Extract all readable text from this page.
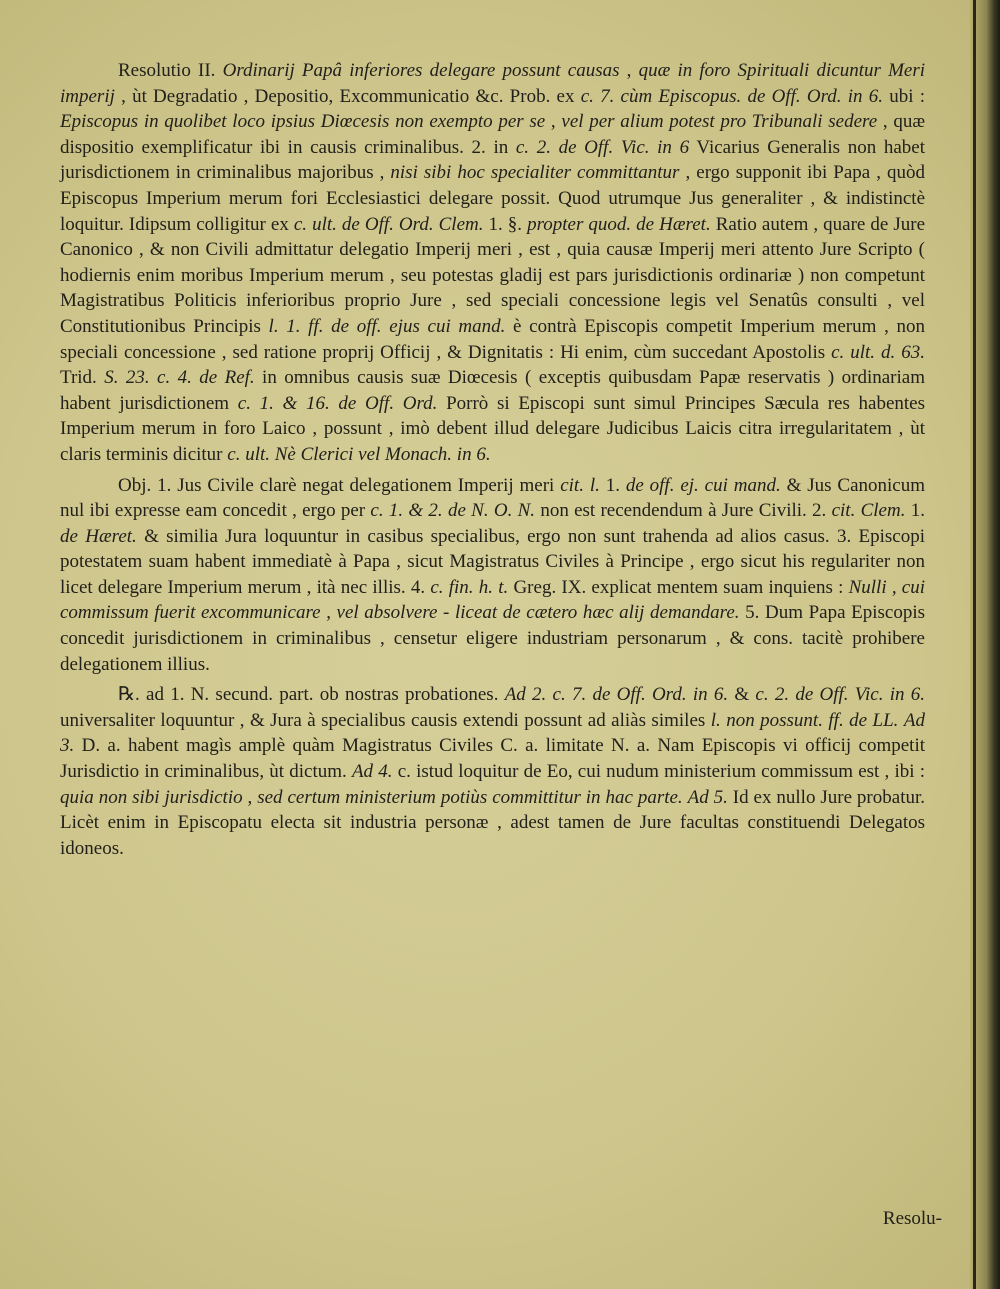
Resolutio II. Ordinarij Papâ inferiores delegare possunt causas , quæ in foro Spirituali dicuntur Meri imperij , ùt Degradatio , Depositio, Excommunicatio &c. Prob. ex c. 7. cùm Episcopus. de Off. Ord. in 6. ubi : Episcopus in quolibet loco ipsius Diœcesis non exempto per se , vel per alium potest pro Tribunali sedere , quæ dispositio exemplificatur ibi in causis criminalibus. 2. in c. 2. de Off. Vic. in 6 Vicarius Generalis non habet jurisdictionem in criminalibus majoribus , nisi sibi hoc specialiter committantur , ergo supponit ibi Papa , quòd Episcopus Imperium merum fori Ecclesiastici delegare possit. Quod utrumque Jus generaliter , & indistinctè loquitur. Idipsum colligitur ex c. ult. de Off. Ord. Clem. 1. §. propter quod. de Hæret. Ratio autem , quare de Jure Canonico , & non Civili admittatur delegatio Imperij meri , est , quia causæ Imperij meri attento Jure Scripto ( hodiernis enim moribus Imperium merum , seu potestas gladij est pars jurisdictionis ordinariæ ) non competunt Magistratibus Politicis inferioribus proprio Jure , sed speciali concessione legis vel Senatûs consulti , vel Constitutionibus Principis l. 1. ff. de off. ejus cui mand. è contrà Episcopis competit Imperium merum , non speciali concessione , sed ratione proprij Officij , & Dignitatis : Hi enim, cùm succedant Apostolis c. ult. d. 63. Trid. S. 23. c. 4. de Ref. in omnibus causis suæ Diœcesis ( exceptis quibusdam Papæ reservatis ) ordinariam habent jurisdictionem c. 1. & 16. de Off. Ord. Porrò si Episcopi sunt simul Principes Sæcula res habentes Imperium merum in foro Laico , possunt , imò debent illud delegare Judicibus Laicis citra irregularitatem , ùt claris terminis dicitur c. ult. Nè Clerici vel Monach. in 6.

Obj. 1. Jus Civile clarè negat delegationem Imperij meri cit. l. 1. de off. ej. cui mand. & Jus Canonicum nul ibi expresse eam concedit , ergo per c. 1. & 2. de N. O. N. non est recendendum à Jure Civili. 2. cit. Clem. 1. de Hæret. & similia Jura loquuntur in casibus specialibus, ergo non sunt trahenda ad alios casus. 3. Episcopi potestatem suam habent immediatè à Papa , sicut Magistratus Civiles à Principe , ergo sicut his regulariter non licet delegare Imperium merum , ità nec illis. 4. c. fin. h. t. Greg. IX. explicat mentem suam inquiens : Nulli , cui commissum fuerit excommunicare , vel absolvere - liceat de cætero hæc alij demandare. 5. Dum Papa Episcopis concedit jurisdictionem in criminalibus , censetur eligere industriam personarum , & cons. tacitè prohibere delegationem illius.

℞. ad 1. N. secund. part. ob nostras probationes. Ad 2. c. 7. de Off. Ord. in 6. & c. 2. de Off. Vic. in 6. universaliter loquuntur , & Jura à specialibus causis extendi possunt ad aliàs similes l. non possunt. ff. de LL. Ad 3. D. a. habent magìs amplè quàm Magistratus Civiles C. a. limitate N. a. Nam Episcopis vi officij competit Jurisdictio in criminalibus, ùt dictum. Ad 4. c. istud loquitur de Eo, cui nudum ministerium commissum est , ibi : quia non sibi jurisdictio , sed certum ministerium potiùs committitur in hac parte. Ad 5. Id ex nullo Jure probatur. Licèt enim in Episcopatu electa sit industria personæ , adest tamen de Jure facultas constituendi Delegatos idoneos.

Resolu-
